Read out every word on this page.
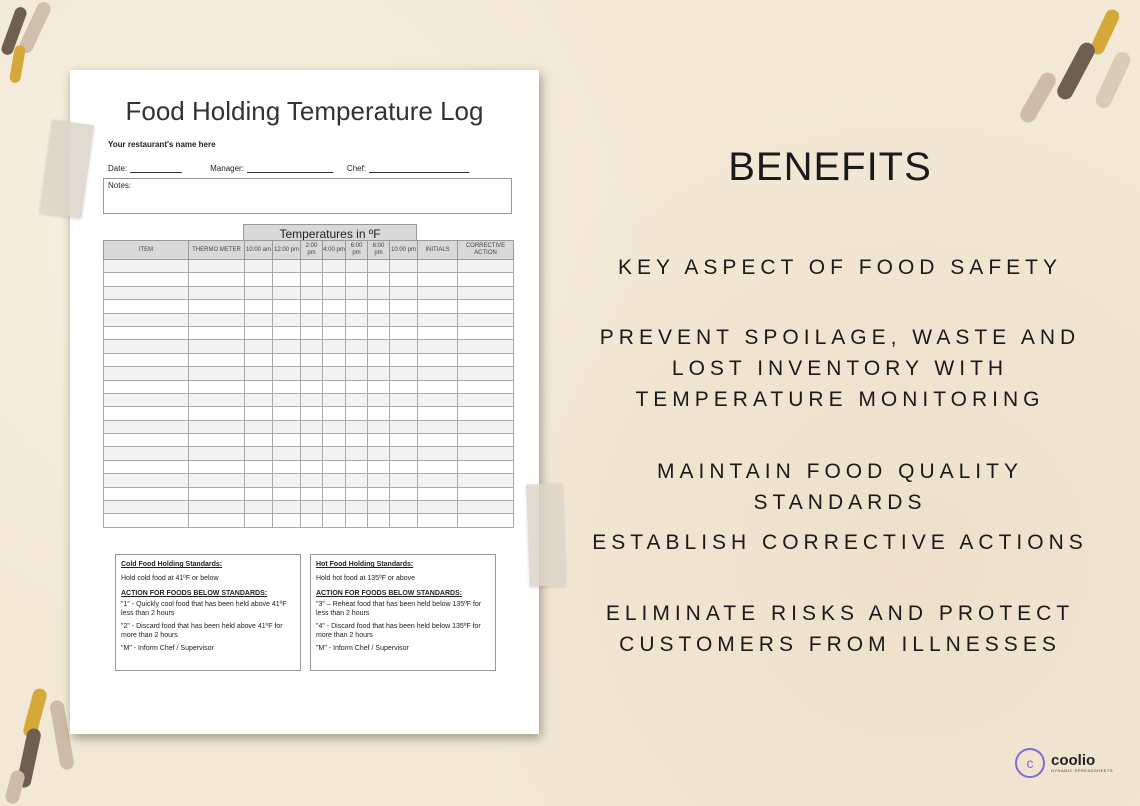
Food Holding Temperature Log
Your restaurant's name here
Date:	Manager:	Chef:
Notes:
Temperatures in ºF
ITEM	THERMO METER	10:00 am	12:00 pm	2:00 pm	4:00 pm	6:00 pm	8:00 pm	10:00 pm	INITIALS	CORRECTIVE ACTION

Cold Food Holding Standards:
Hold cold food at 41ºF or below
ACTION FOR FOODS BELOW STANDARDS:
"1" - Quickly cool food that has been held above 41ºF less than 2 hours
"2" - Discard food that has been held above 41ºF for more than 2 hours
"M" - Inform Chef / Supervisor
Hot Food Holding Standards:
Hold hot food at 135ºF or above
ACTION FOR FOODS BELOW STANDARDS:
"3" – Reheat food that has been held below 135ºF for less than 2 hours
"4" - Discard food that has been held below 135ºF for more than 2 hours
"M" - Inform Chef / Supervisor
BENEFITS
KEY ASPECT OF FOOD SAFETY
PREVENT SPOILAGE, WASTE AND LOST INVENTORY WITH TEMPERATURE MONITORING
MAINTAIN FOOD QUALITY STANDARDS
ESTABLISH CORRECTIVE ACTIONS
ELIMINATE RISKS AND PROTECT CUSTOMERS FROM ILLNESSES
c	coolio
DYNAMIC SPREADSHEETS
